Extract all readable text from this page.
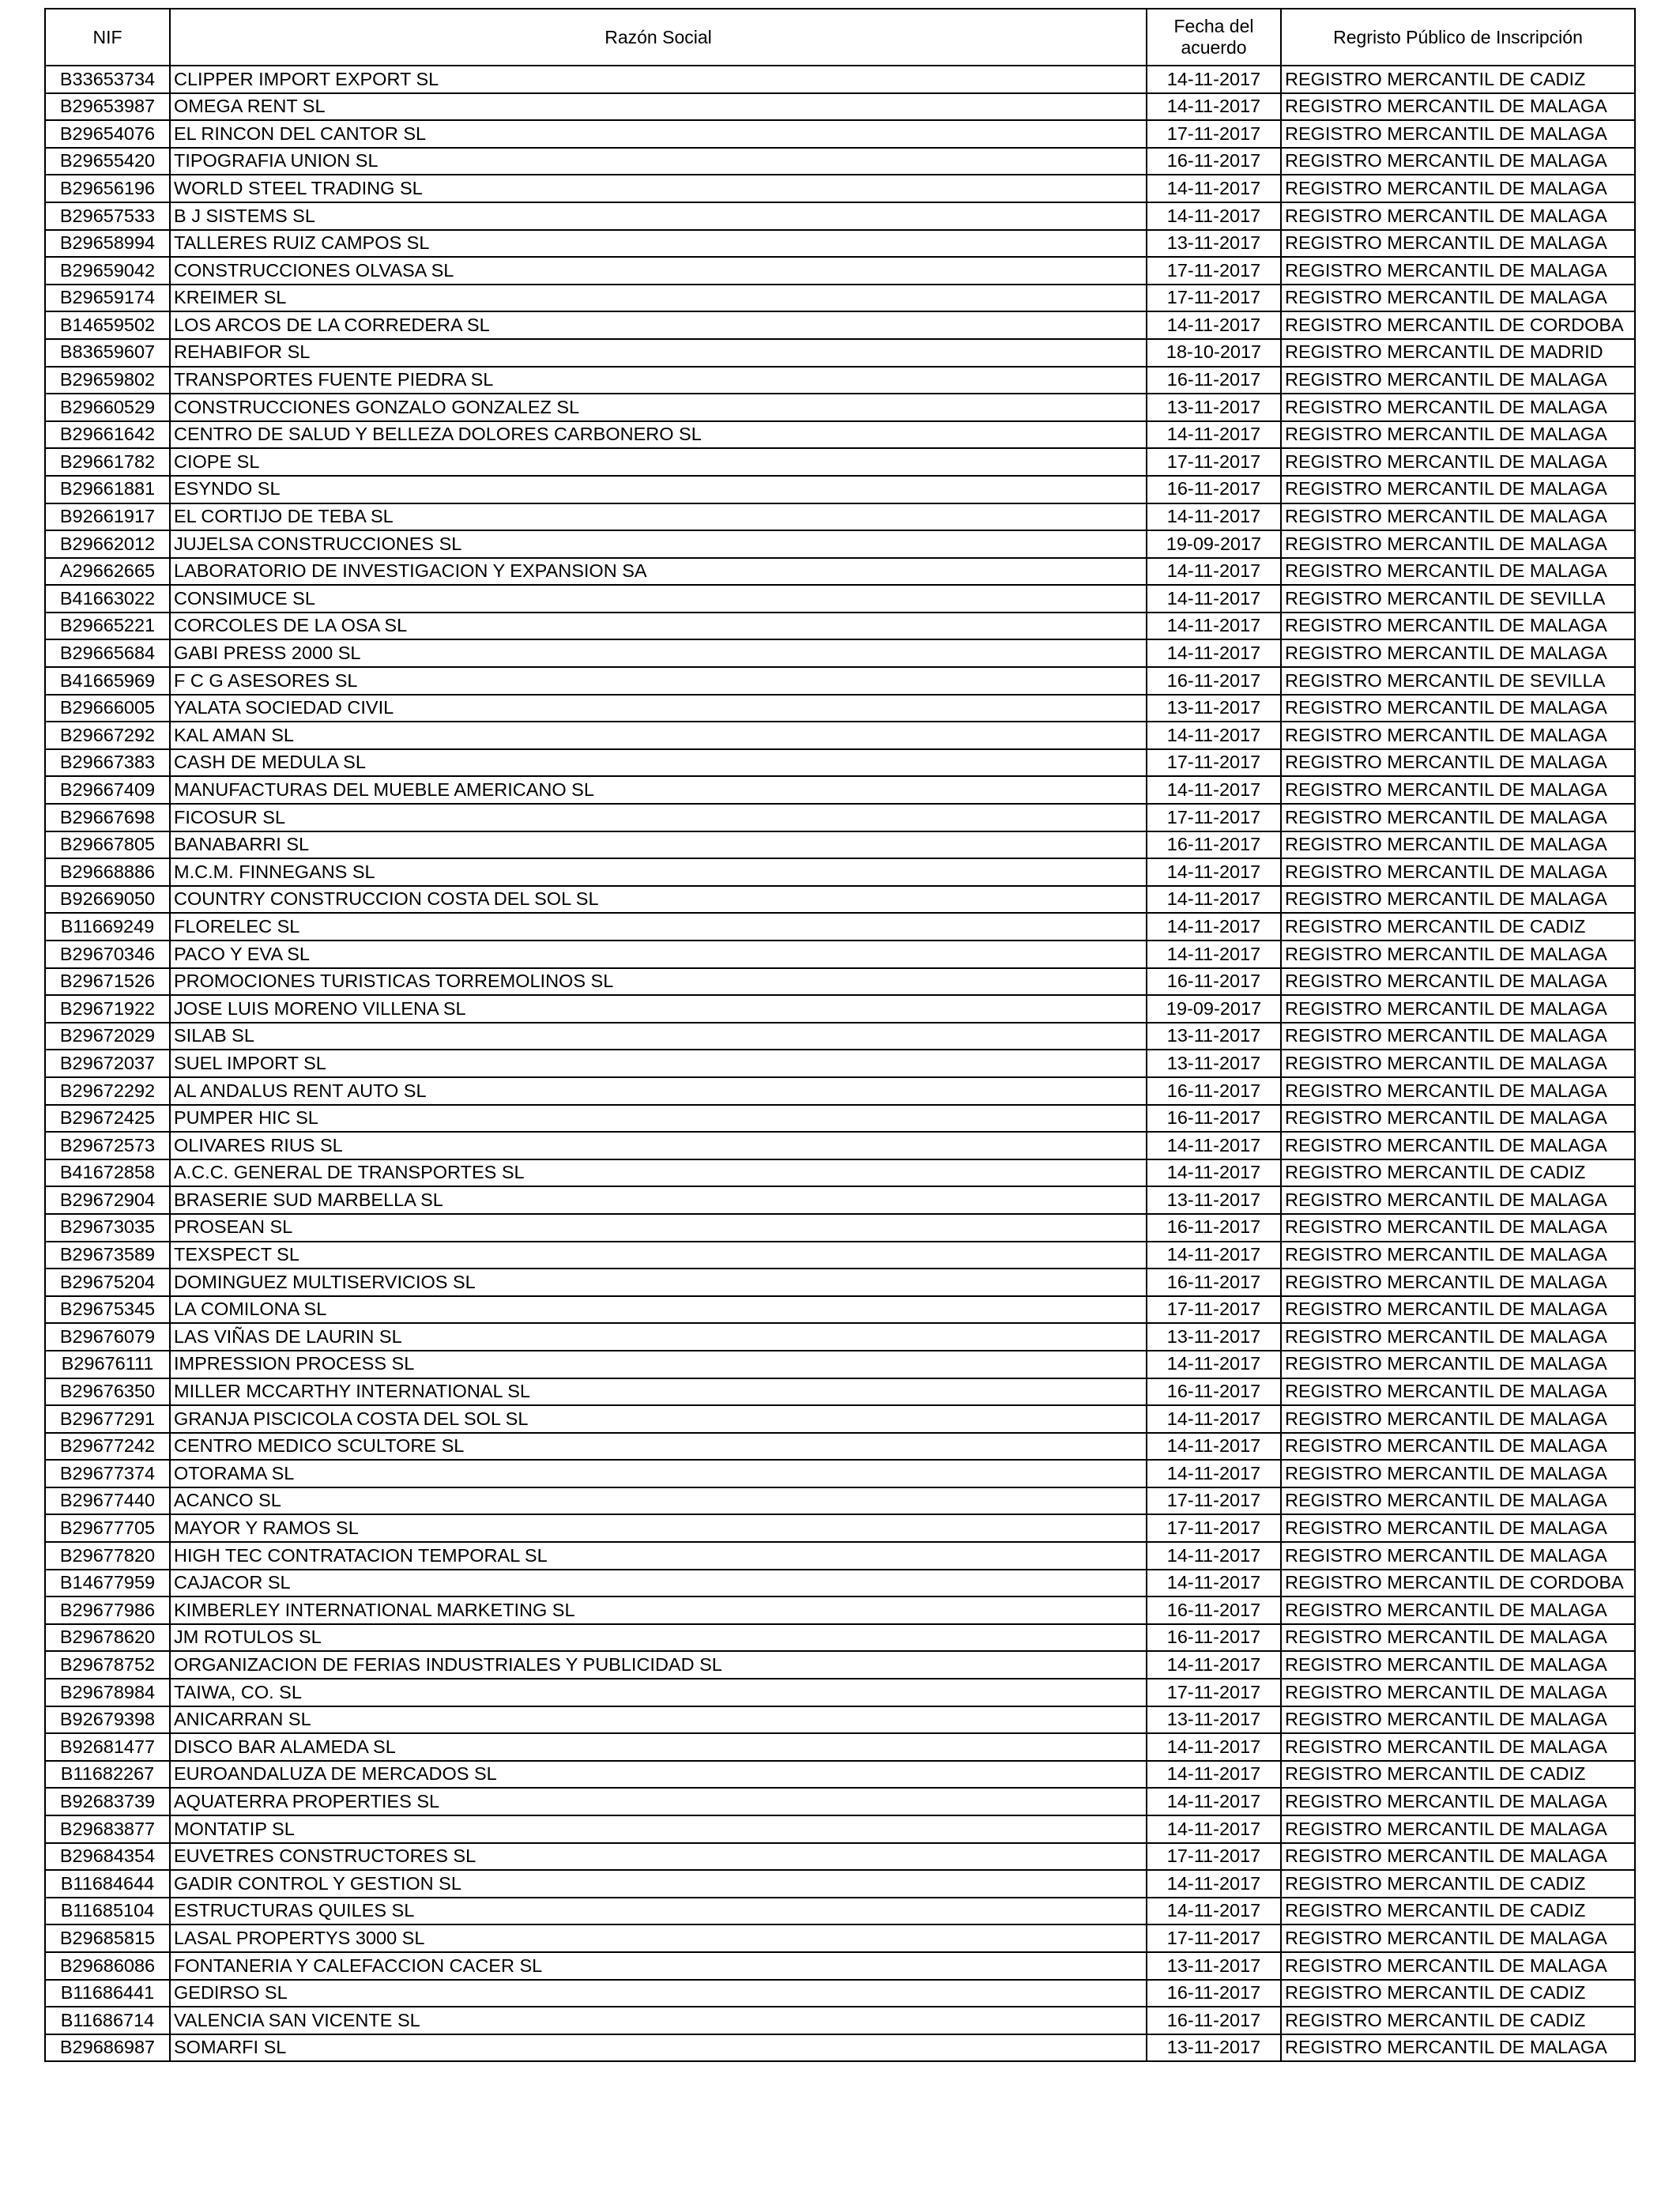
NIF	Razón Social	Fecha del acuerdo	Regristo Público de Inscripción
B33653734	CLIPPER IMPORT EXPORT SL	14-11-2017	REGISTRO MERCANTIL DE CADIZ
B29653987	OMEGA RENT SL	14-11-2017	REGISTRO MERCANTIL DE MALAGA
B29654076	EL RINCON DEL CANTOR SL	17-11-2017	REGISTRO MERCANTIL DE MALAGA
B29655420	TIPOGRAFIA UNION SL	16-11-2017	REGISTRO MERCANTIL DE MALAGA
B29656196	WORLD STEEL TRADING SL	14-11-2017	REGISTRO MERCANTIL DE MALAGA
B29657533	B J SISTEMS SL	14-11-2017	REGISTRO MERCANTIL DE MALAGA
B29658994	TALLERES RUIZ CAMPOS SL	13-11-2017	REGISTRO MERCANTIL DE MALAGA
B29659042	CONSTRUCCIONES OLVASA SL	17-11-2017	REGISTRO MERCANTIL DE MALAGA
B29659174	KREIMER SL	17-11-2017	REGISTRO MERCANTIL DE MALAGA
B14659502	LOS ARCOS DE LA CORREDERA SL	14-11-2017	REGISTRO MERCANTIL DE CORDOBA
B83659607	REHABIFOR SL	18-10-2017	REGISTRO MERCANTIL DE MADRID
B29659802	TRANSPORTES FUENTE PIEDRA SL	16-11-2017	REGISTRO MERCANTIL DE MALAGA
B29660529	CONSTRUCCIONES GONZALO GONZALEZ SL	13-11-2017	REGISTRO MERCANTIL DE MALAGA
B29661642	CENTRO DE SALUD Y BELLEZA DOLORES CARBONERO SL	14-11-2017	REGISTRO MERCANTIL DE MALAGA
B29661782	CIOPE SL	17-11-2017	REGISTRO MERCANTIL DE MALAGA
B29661881	ESYNDO SL	16-11-2017	REGISTRO MERCANTIL DE MALAGA
B92661917	EL CORTIJO DE TEBA SL	14-11-2017	REGISTRO MERCANTIL DE MALAGA
B29662012	JUJELSA CONSTRUCCIONES SL	19-09-2017	REGISTRO MERCANTIL DE MALAGA
A29662665	LABORATORIO DE INVESTIGACION Y EXPANSION SA	14-11-2017	REGISTRO MERCANTIL DE MALAGA
B41663022	CONSIMUCE SL	14-11-2017	REGISTRO MERCANTIL DE SEVILLA
B29665221	CORCOLES DE LA OSA SL	14-11-2017	REGISTRO MERCANTIL DE MALAGA
B29665684	GABI PRESS 2000 SL	14-11-2017	REGISTRO MERCANTIL DE MALAGA
B41665969	F C G ASESORES SL	16-11-2017	REGISTRO MERCANTIL DE SEVILLA
B29666005	YALATA SOCIEDAD CIVIL	13-11-2017	REGISTRO MERCANTIL DE MALAGA
B29667292	KAL AMAN SL	14-11-2017	REGISTRO MERCANTIL DE MALAGA
B29667383	CASH DE MEDULA SL	17-11-2017	REGISTRO MERCANTIL DE MALAGA
B29667409	MANUFACTURAS DEL MUEBLE AMERICANO SL	14-11-2017	REGISTRO MERCANTIL DE MALAGA
B29667698	FICOSUR SL	17-11-2017	REGISTRO MERCANTIL DE MALAGA
B29667805	BANABARRI SL	16-11-2017	REGISTRO MERCANTIL DE MALAGA
B29668886	M.C.M. FINNEGANS SL	14-11-2017	REGISTRO MERCANTIL DE MALAGA
B92669050	COUNTRY CONSTRUCCION COSTA DEL SOL SL	14-11-2017	REGISTRO MERCANTIL DE MALAGA
B11669249	FLORELEC SL	14-11-2017	REGISTRO MERCANTIL DE CADIZ
B29670346	PACO Y EVA SL	14-11-2017	REGISTRO MERCANTIL DE MALAGA
B29671526	PROMOCIONES TURISTICAS TORREMOLINOS SL	16-11-2017	REGISTRO MERCANTIL DE MALAGA
B29671922	JOSE LUIS MORENO VILLENA SL	19-09-2017	REGISTRO MERCANTIL DE MALAGA
B29672029	SILAB SL	13-11-2017	REGISTRO MERCANTIL DE MALAGA
B29672037	SUEL IMPORT SL	13-11-2017	REGISTRO MERCANTIL DE MALAGA
B29672292	AL ANDALUS RENT AUTO SL	16-11-2017	REGISTRO MERCANTIL DE MALAGA
B29672425	PUMPER HIC SL	16-11-2017	REGISTRO MERCANTIL DE MALAGA
B29672573	OLIVARES RIUS SL	14-11-2017	REGISTRO MERCANTIL DE MALAGA
B41672858	A.C.C. GENERAL DE TRANSPORTES SL	14-11-2017	REGISTRO MERCANTIL DE CADIZ
B29672904	BRASERIE SUD MARBELLA SL	13-11-2017	REGISTRO MERCANTIL DE MALAGA
B29673035	PROSEAN SL	16-11-2017	REGISTRO MERCANTIL DE MALAGA
B29673589	TEXSPECT SL	14-11-2017	REGISTRO MERCANTIL DE MALAGA
B29675204	DOMINGUEZ MULTISERVICIOS SL	16-11-2017	REGISTRO MERCANTIL DE MALAGA
B29675345	LA COMILONA SL	17-11-2017	REGISTRO MERCANTIL DE MALAGA
B29676079	LAS VIÑAS DE LAURIN SL	13-11-2017	REGISTRO MERCANTIL DE MALAGA
B29676111	IMPRESSION PROCESS SL	14-11-2017	REGISTRO MERCANTIL DE MALAGA
B29676350	MILLER MCCARTHY INTERNATIONAL SL	16-11-2017	REGISTRO MERCANTIL DE MALAGA
B29677291	GRANJA PISCICOLA COSTA DEL SOL SL	14-11-2017	REGISTRO MERCANTIL DE MALAGA
B29677242	CENTRO MEDICO SCULTORE SL	14-11-2017	REGISTRO MERCANTIL DE MALAGA
B29677374	OTORAMA SL	14-11-2017	REGISTRO MERCANTIL DE MALAGA
B29677440	ACANCO SL	17-11-2017	REGISTRO MERCANTIL DE MALAGA
B29677705	MAYOR Y RAMOS SL	17-11-2017	REGISTRO MERCANTIL DE MALAGA
B29677820	HIGH TEC CONTRATACION TEMPORAL SL	14-11-2017	REGISTRO MERCANTIL DE MALAGA
B14677959	CAJACOR SL	14-11-2017	REGISTRO MERCANTIL DE CORDOBA
B29677986	KIMBERLEY INTERNATIONAL MARKETING SL	16-11-2017	REGISTRO MERCANTIL DE MALAGA
B29678620	JM ROTULOS SL	16-11-2017	REGISTRO MERCANTIL DE MALAGA
B29678752	ORGANIZACION DE FERIAS INDUSTRIALES Y PUBLICIDAD SL	14-11-2017	REGISTRO MERCANTIL DE MALAGA
B29678984	TAIWA, CO. SL	17-11-2017	REGISTRO MERCANTIL DE MALAGA
B92679398	ANICARRAN SL	13-11-2017	REGISTRO MERCANTIL DE MALAGA
B92681477	DISCO BAR ALAMEDA SL	14-11-2017	REGISTRO MERCANTIL DE MALAGA
B11682267	EUROANDALUZA DE MERCADOS SL	14-11-2017	REGISTRO MERCANTIL DE CADIZ
B92683739	AQUATERRA PROPERTIES SL	14-11-2017	REGISTRO MERCANTIL DE MALAGA
B29683877	MONTATIP SL	14-11-2017	REGISTRO MERCANTIL DE MALAGA
B29684354	EUVETRES CONSTRUCTORES SL	17-11-2017	REGISTRO MERCANTIL DE MALAGA
B11684644	GADIR CONTROL Y GESTION SL	14-11-2017	REGISTRO MERCANTIL DE CADIZ
B11685104	ESTRUCTURAS QUILES SL	14-11-2017	REGISTRO MERCANTIL DE CADIZ
B29685815	LASAL PROPERTYS 3000 SL	17-11-2017	REGISTRO MERCANTIL DE MALAGA
B29686086	FONTANERIA Y CALEFACCION CACER SL	13-11-2017	REGISTRO MERCANTIL DE MALAGA
B11686441	GEDIRSO SL	16-11-2017	REGISTRO MERCANTIL DE CADIZ
B11686714	VALENCIA SAN VICENTE SL	16-11-2017	REGISTRO MERCANTIL DE CADIZ
B29686987	SOMARFI SL	13-11-2017	REGISTRO MERCANTIL DE MALAGA
